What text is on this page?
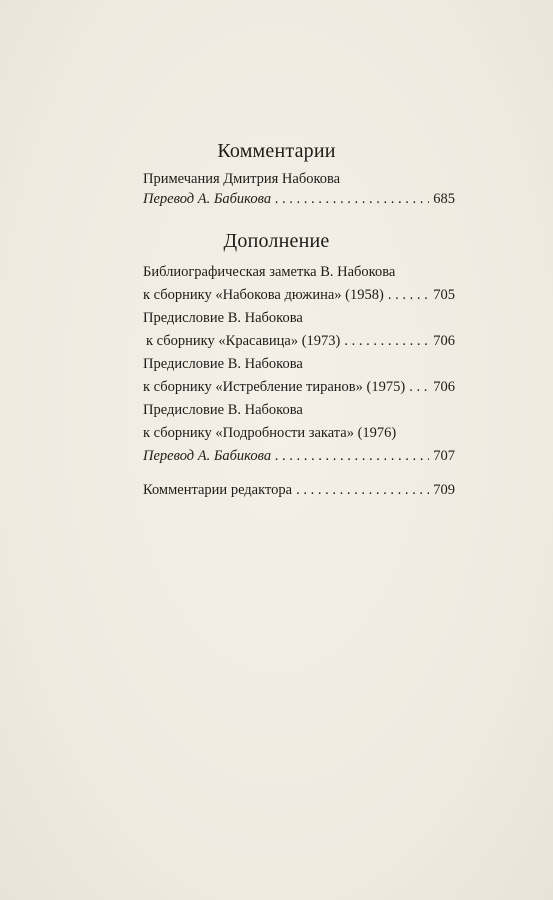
Комментарии
Примечания Дмитрия Набокова
Перевод А. Бабикова . . .	685
Дополнение
Библиографическая заметка В. Набокова
к сборнику «Набокова дюжина» (1958) . . .	705
Предисловие В. Набокова
к сборнику «Красавица» (1973) . . .	706
Предисловие В. Набокова
к сборнику «Истребление тиранов» (1975) . . . 706
Предисловие В. Набокова
к сборнику «Подробности заката» (1976)
Перевод А. Бабикова . . .	707
Комментарии редактора . . .	709
